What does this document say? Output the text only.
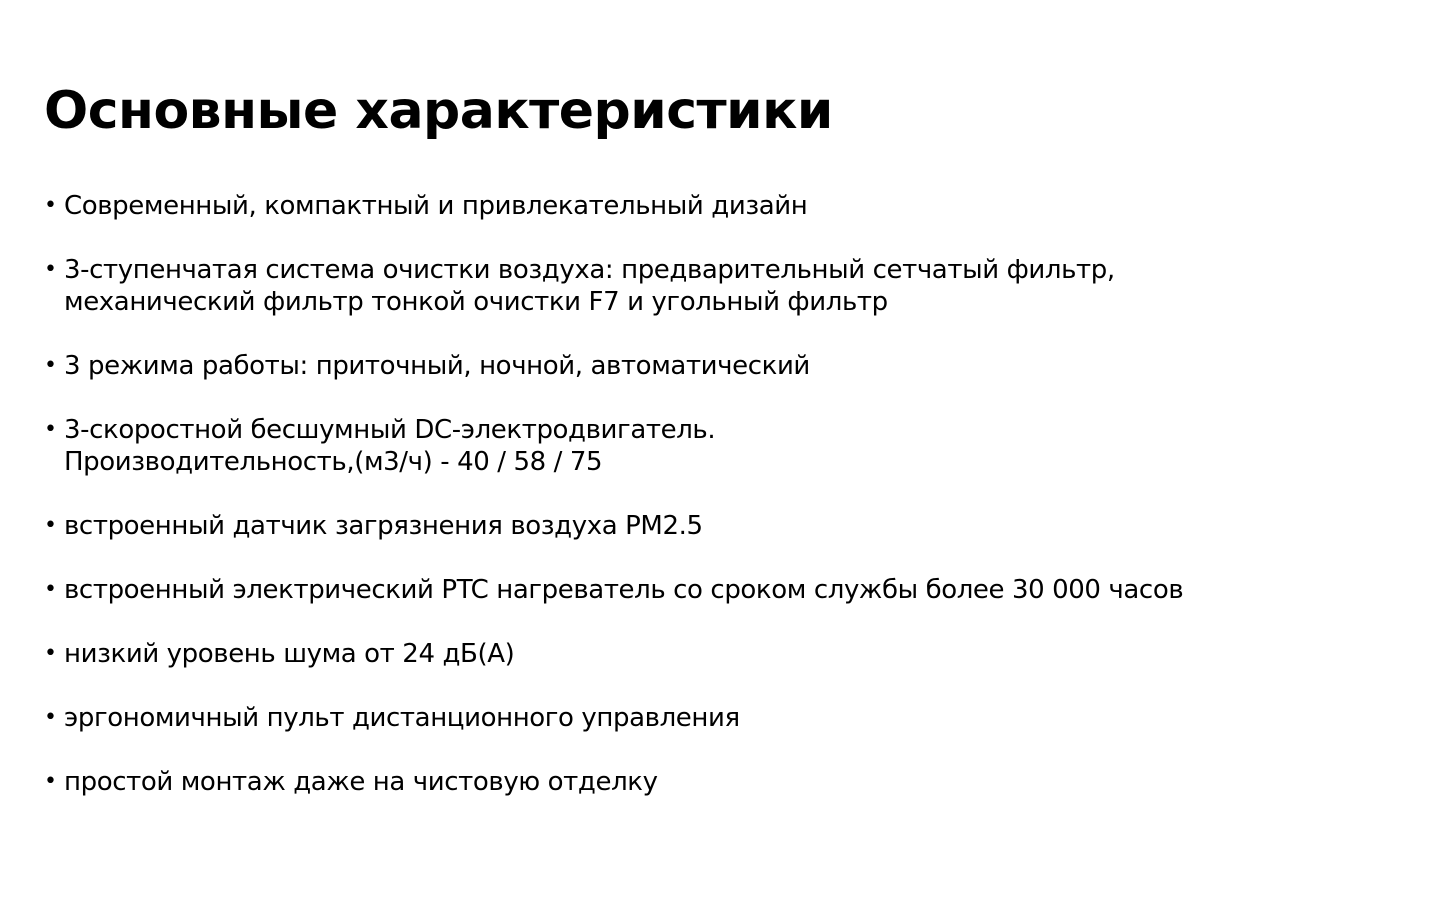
Основные характеристики
• Современный, компактный и привлекательный дизайн
• 3-ступенчатая система очистки воздуха: предварительный сетчатый фильтр,
механический фильтр тонкой очистки F7 и угольный фильтр
• 3 режима работы: приточный, ночной, автоматический
• 3-скоростной бесшумный DC-электродвигатель.
Производительность,(м3/ч) - 40 / 58 / 75
• встроенный датчик загрязнения воздуха PM2.5
• встроенный электрический PTC нагреватель со сроком службы более 30 000 часов
• низкий уровень шума от 24 дБ(А)
• эргономичный пульт дистанционного управления
• простой монтаж даже на чистовую отделку
